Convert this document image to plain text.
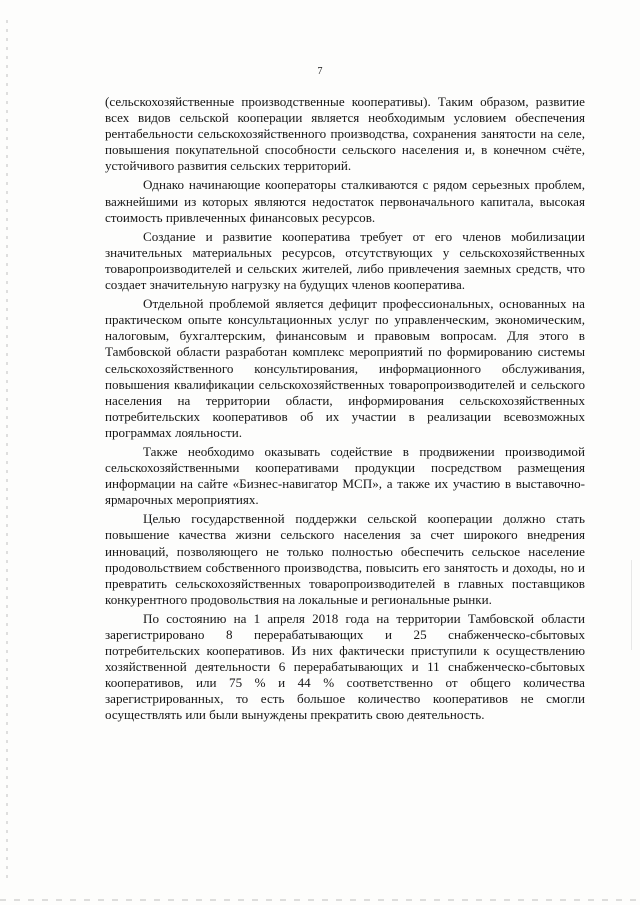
7

(сельскохозяйственные производственные кооперативы). Таким образом, развитие всех видов сельской кооперации является необходимым условием обеспечения рентабельности сельскохозяйственного производства, сохранения занятости на селе, повышения покупательной способности сельского населения и, в конечном счёте, устойчивого развития сельских территорий.

Однако начинающие кооператоры сталкиваются с рядом серьезных проблем, важнейшими из которых являются недостаток первоначального капитала, высокая стоимость привлеченных финансовых ресурсов.

Создание и развитие кооператива требует от его членов мобилизации значительных материальных ресурсов, отсутствующих у сельскохозяйственных товаропроизводителей и сельских жителей, либо привлечения заемных средств, что создает значительную нагрузку на будущих членов кооператива.

Отдельной проблемой является дефицит профессиональных, основанных на практическом опыте консультационных услуг по управленческим, экономическим, налоговым, бухгалтерским, финансовым и правовым вопросам. Для этого в Тамбовской области разработан комплекс мероприятий по формированию системы сельскохозяйственного консультирования, информационного обслуживания, повышения квалификации сельскохозяйственных товаропроизводителей и сельского населения на территории области, информирования сельскохозяйственных потребительских кооперативов об их участии в реализации всевозможных программах лояльности.

Также необходимо оказывать содействие в продвижении производимой сельскохозяйственными кооперативами продукции посредством размещения информации на сайте «Бизнес-навигатор МСП», а также их участию в выставочно-ярмарочных мероприятиях.

Целью государственной поддержки сельской кооперации должно стать повышение качества жизни сельского населения за счет широкого внедрения инноваций, позволяющего не только полностью обеспечить сельское население продовольствием собственного производства, повысить его занятость и доходы, но и превратить сельскохозяйственных товаропроизводителей в главных поставщиков конкурентного продовольствия на локальные и региональные рынки.

По состоянию на 1 апреля 2018 года на территории Тамбовской области зарегистрировано 8 перерабатывающих и 25 снабженческо-сбытовых потребительских кооперативов. Из них фактически приступили к осуществлению хозяйственной деятельности 6 перерабатывающих и 11 снабженческо-сбытовых кооперативов, или 75 % и 44 % соответственно от общего количества зарегистрированных, то есть большое количество кооперативов не смогли осуществлять или были вынуждены прекратить свою деятельность.
